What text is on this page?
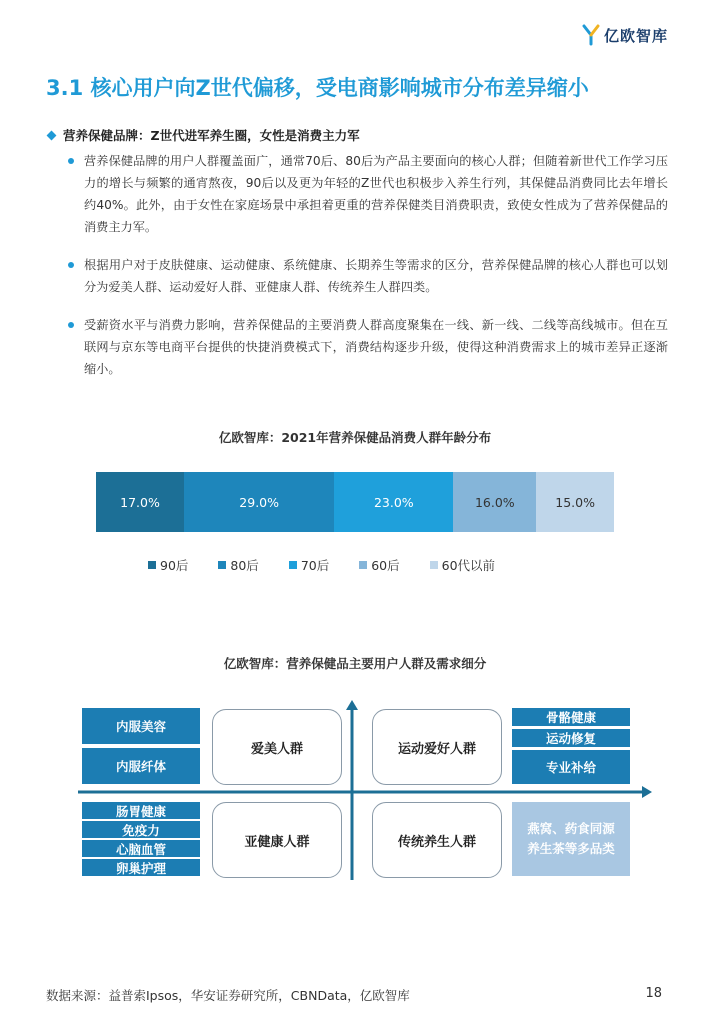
亿欧智库
3.1 核心用户向Z世代偏移，受电商影响城市分布差异缩小
营养保健品牌：Z世代进军养生圈，女性是消费主力军
营养保健品牌的用户人群覆盖面广，通常70后、80后为产品主要面向的核心人群；但随着新世代工作学习压力的增长与频繁的通宵熬夜，90后以及更为年轻的Z世代也积极步入养生行列，其保健品消费同比去年增长约40%。此外，由于女性在家庭场景中承担着更重的营养保健类目消费职责，致使女性成为了营养保健品的消费主力军。
根据用户对于皮肤健康、运动健康、系统健康、长期养生等需求的区分，营养保健品牌的核心人群也可以划分为爱美人群、运动爱好人群、亚健康人群、传统养生人群四类。
受薪资水平与消费力影响，营养保健品的主要消费人群高度聚集在一线、新一线、二线等高线城市。但在互联网与京东等电商平台提供的快捷消费模式下，消费结构逐步升级，使得这种消费需求上的城市差异正逐渐缩小。
亿欧智库：2021年营养保健品消费人群年龄分布
17.0%	29.0%	23.0%	16.0%	15.0%
90后	80后	70后	60后	60代以前
亿欧智库：营养保健品主要用户人群及需求细分
内服美容
内服纤体
爱美人群	运动爱好人群
亚健康人群	传统养生人群
骨骼健康
运动修复
专业补给
肠胃健康
免疫力
心脑血管
卵巢护理
燕窝、药食同源
养生茶等多品类
数据来源：益普索Ipsos，华安证券研究所，CBNData，亿欧智库	18
